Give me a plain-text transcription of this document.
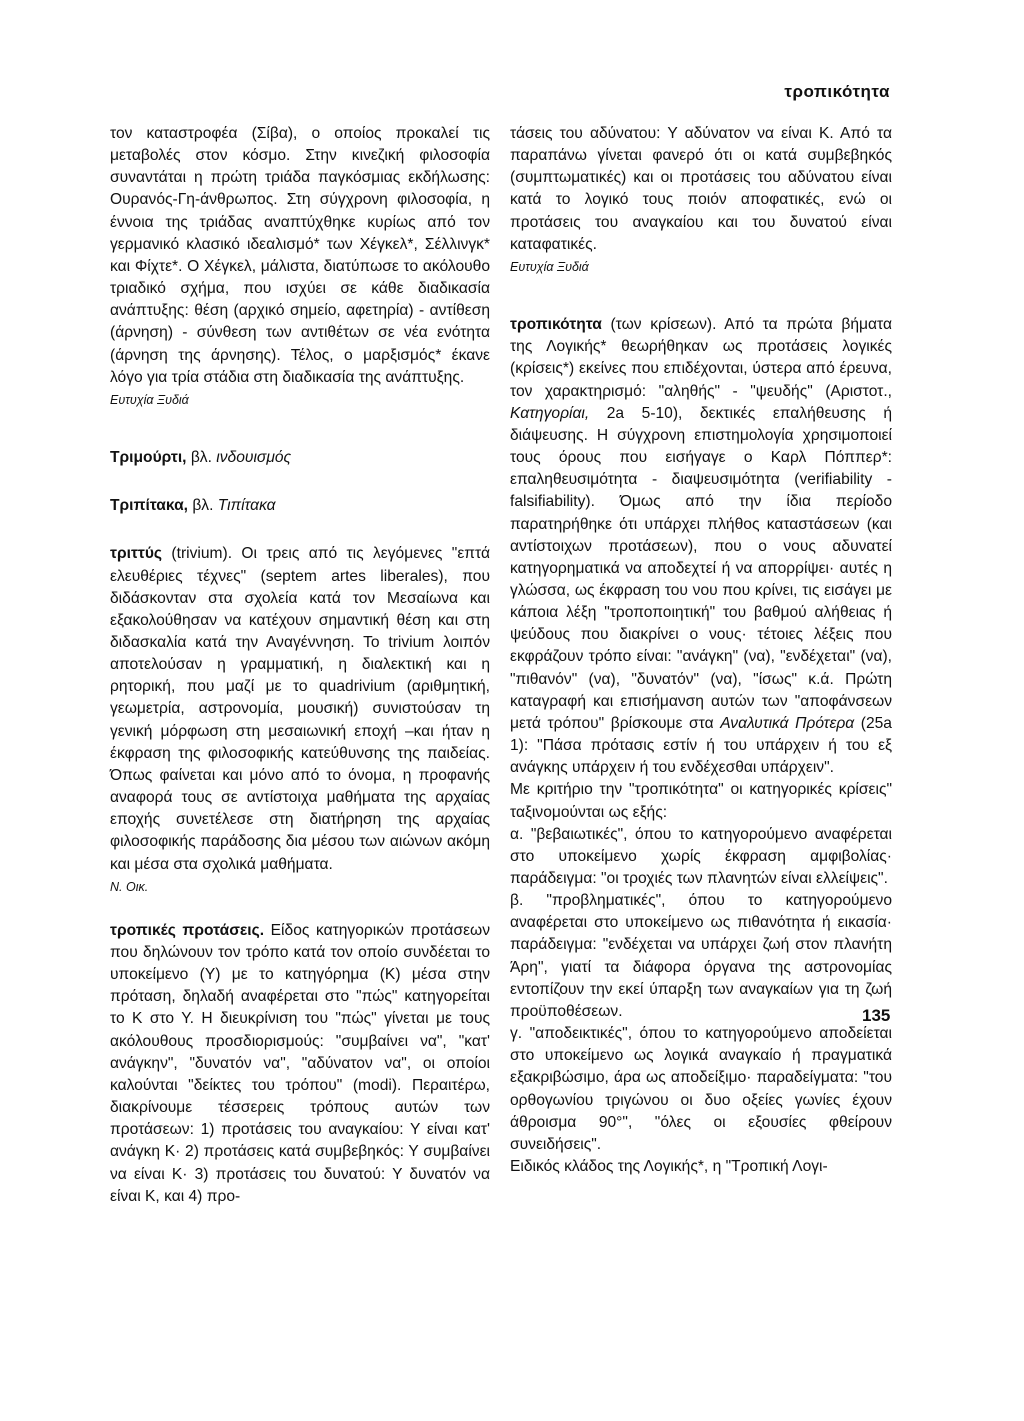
τροπικότητα

τον καταστροφέα (Σίβα), ο οποίος προκαλεί τις μεταβολές στον κόσμο. Στην κινεζική φιλοσοφία συναντάται η πρώτη τριάδα παγκόσμιας εκδήλωσης: Ουρανός-Γη-άνθρωπος. Στη σύγχρονη φιλοσοφία, η έννοια της τριάδας αναπτύχθηκε κυρίως από τον γερμανικό κλασικό ιδεαλισμό* των Χέγκελ*, Σέλλινγκ* και Φίχτε*. Ο Χέγκελ, μάλιστα, διατύπωσε το ακόλουθο τριαδικό σχήμα, που ισχύει σε κάθε διαδικασία ανάπτυξης: θέση (αρχικό σημείο, αφετηρία) - αντίθεση (άρνηση) - σύνθεση των αντιθέτων σε νέα ενότητα (άρνηση της άρνησης). Τέλος, ο μαρξισμός* έκανε λόγο για τρία στάδια στη διαδικασία της ανάπτυξης.

Ευτυχία Ξυδιά

Τριμούρτι, βλ. ινδουισμός

Τριπίτακα, βλ. Τιπίτακα

τριττύς (trivium). Οι τρεις από τις λεγόμενες "επτά ελευθέριες τέχνες" (septem artes liberales), που διδάσκονταν στα σχολεία κατά τον Μεσαίωνα και εξακολούθησαν να κατέχουν σημαντική θέση και στη διδασκαλία κατά την Αναγέννηση. Το trivium λοιπόν αποτελούσαν η γραμματική, η διαλεκτική και η ρητορική, που μαζί με το quadrivium (αριθμητική, γεωμετρία, αστρονομία, μουσική) συνιστούσαν τη γενική μόρφωση στη μεσαιωνική εποχή –και ήταν η έκφραση της φιλοσοφικής κατεύθυνσης της παιδείας. Όπως φαίνεται και μόνο από το όνομα, η προφανής αναφορά τους σε αντίστοιχα μαθήματα της αρχαίας εποχής συνετέλεσε στη διατήρηση της αρχαίας φιλοσοφικής παράδοσης δια μέσου των αιώνων ακόμη και μέσα στα σχολικά μαθήματα.

Ν. Οικ.

τροπικές προτάσεις. Είδος κατηγορικών προτάσεων που δηλώνουν τον τρόπο κατά τον οποίο συνδέεται το υποκείμενο (Υ) με το κατηγόρημα (Κ) μέσα στην πρόταση, δηλαδή αναφέρεται στο "πώς" κατηγορείται το Κ στο Υ. Η διευκρίνιση του "πώς" γίνεται με τους ακόλουθους προσδιορισμούς: "συμβαίνει να", "κατ' ανάγκην", "δυνατόν να", "αδύνατον να", οι οποίοι καλούνται "δείκτες του τρόπου" (modi). Περαιτέρω, διακρίνουμε τέσσερεις τρόπους αυτών των προτάσεων: 1) προτάσεις του αναγκαίου: Υ είναι κατ' ανάγκη Κ· 2) προτάσεις κατά συμβεβηκός: Υ συμβαίνει να είναι Κ· 3) προτάσεις του δυνατού: Υ δυνατόν να είναι Κ, και 4) προ-

τάσεις του αδύνατου: Υ αδύνατον να είναι Κ. Από τα παραπάνω γίνεται φανερό ότι οι κατά συμβεβηκός (συμπτωματικές) και οι προτάσεις του αδύνατου είναι κατά το λογικό τους ποιόν αποφατικές, ενώ οι προτάσεις του αναγκαίου και του δυνατού είναι καταφατικές.

Ευτυχία Ξυδιά

τροπικότητα (των κρίσεων). Από τα πρώτα βήματα της Λογικής* θεωρήθηκαν ως προτάσεις λογικές (κρίσεις*) εκείνες που επιδέχονται, ύστερα από έρευνα, τον χαρακτηρισμό: "αληθής" - "ψευδής" (Αριστοτ., Κατηγορίαι, 2a 5-10), δεκτικές επαλήθευσης ή διάψευσης. Η σύγχρονη επιστημολογία χρησιμοποιεί τους όρους που εισήγαγε ο Καρλ Πόππερ*: επαληθευσιμότητα - διαψευσιμότητα (verifiability - falsifiability). Όμως από την ίδια περίοδο παρατηρήθηκε ότι υπάρχει πλήθος καταστάσεων (και αντίστοιχων προτάσεων), που ο νους αδυνατεί κατηγορηματικά να αποδεχτεί ή να απορρίψει· αυτές η γλώσσα, ως έκφραση του νου που κρίνει, τις εισάγει με κάποια λέξη "τροποποιητική" του βαθμού αλήθειας ή ψεύδους που διακρίνει ο νους· τέτοιες λέξεις που εκφράζουν τρόπο είναι: "ανάγκη" (να), "ενδέχεται" (να), "πιθανόν" (να), "δυνατόν" (να), "ίσως" κ.ά. Πρώτη καταγραφή και επισήμανση αυτών των "αποφάνσεων μετά τρόπου" βρίσκουμε στα Αναλυτικά Πρότερα (25a 1): "Πάσα πρότασις εστίν ή του υπάρχειν ή του εξ ανάγκης υπάρχειν ή του ενδέχεσθαι υπάρχειν".

Με κριτήριο την "τροπικότητα" οι κατηγορικές κρίσεις" ταξινομούνται ως εξής:

α. "βεβαιωτικές", όπου το κατηγορούμενο αναφέρεται στο υποκείμενο χωρίς έκφραση αμφιβολίας· παράδειγμα: "οι τροχιές των πλανητών είναι ελλείψεις".

β. "προβληματικές", όπου το κατηγορούμενο αναφέρεται στο υποκείμενο ως πιθανότητα ή εικασία· παράδειγμα: "ενδέχεται να υπάρχει ζωή στον πλανήτη Άρη", γιατί τα διάφορα όργανα της αστρονομίας εντοπίζουν την εκεί ύπαρξη των αναγκαίων για τη ζωή προϋποθέσεων.

γ. "αποδεικτικές", όπου το κατηγορούμενο αποδείεται στο υποκείμενο ως λογικά αναγκαίο ή πραγματικά εξακριβώσιμο, άρα ως αποδείξιμο· παραδείγματα: "του ορθογωνίου τριγώνου οι δυο οξείες γωνίες έχουν άθροισμα 90°", "όλες οι εξουσίες φθείρουν συνειδήσεις".

Ειδικός κλάδος της Λογικής*, η "Τροπική Λογι-

135
